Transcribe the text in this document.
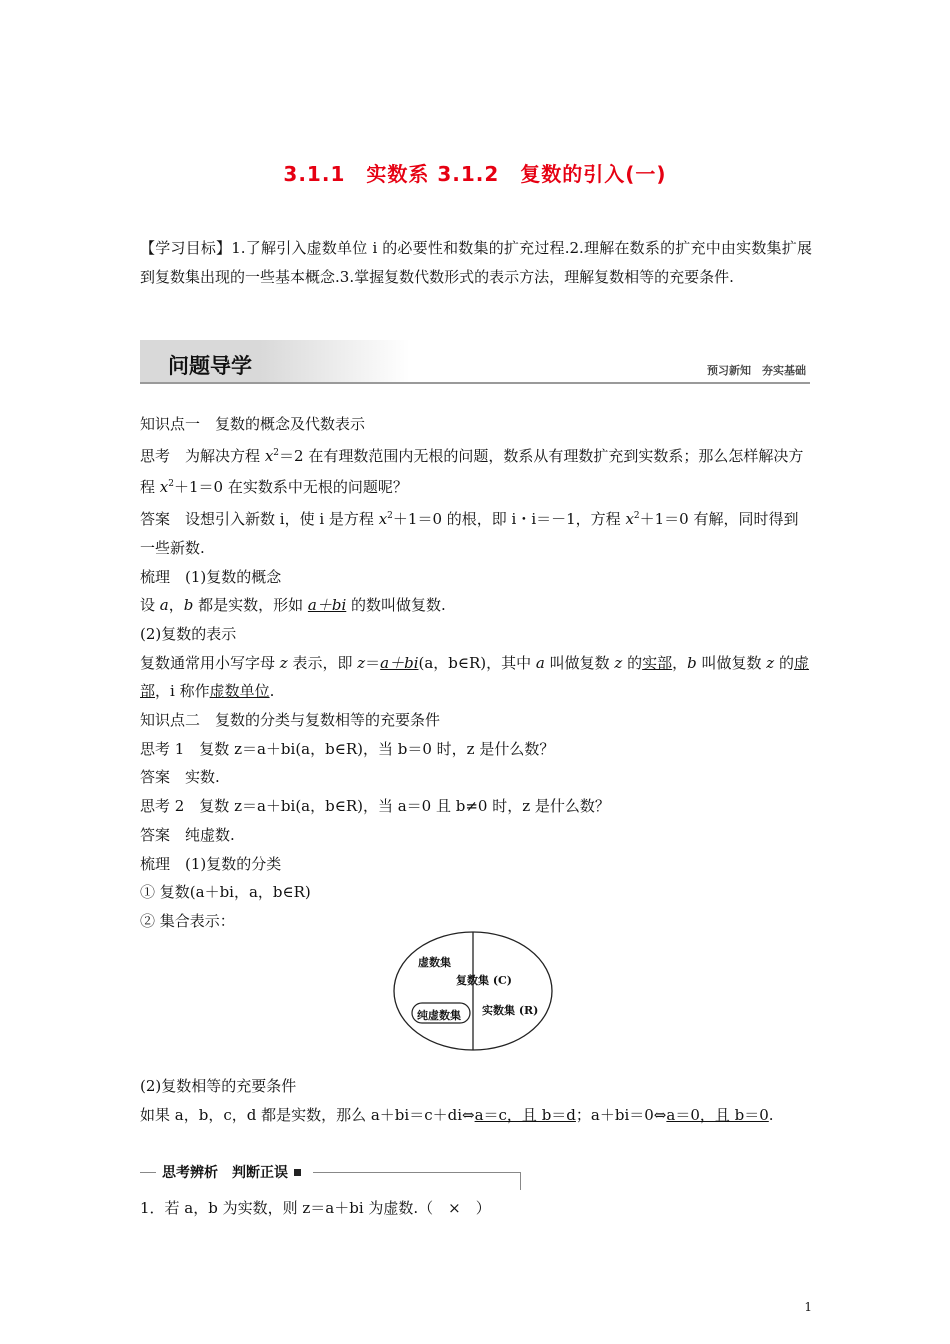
3.1.1　实数系 3.1.2　复数的引入(一)
【学习目标】1.了解引入虚数单位 i 的必要性和数集的扩充过程.2.理解在数系的扩充中由实数集扩展到复数集出现的一些基本概念.3.掌握复数代数形式的表示方法，理解复数相等的充要条件.
问题导学	预习新知　夯实基础

知识点一　复数的概念及代数表示

思考　 为解决方程 $x^2=2$ 在有理数范围内无根的问题，数系从有理数扩充到实数系；那么怎样解决方程 $x^2+1=0$ 在实数系中无根的问题呢？

答案　 设想引入新数 i，使 i 是方程 $x^2+1=0$ 的根，即 i・i＝－1，方程 $x^2+1=0$ 有解，同时得到一些新数.

梳理　(1)复数的概念

设 a，b 都是实数，形如 a＋bi 的数叫做复数.

(2)复数的表示

复数通常用小写字母 z 表示，即 z＝a＋bi(a，b∈R)，其中 a 叫做复数 z 的实部，b 叫做复数 z 的虚部，i 称作虚数单位.

知识点二　复数的分类与复数相等的充要条件

思考 1　复数 z＝a＋bi(a，b∈R)，当 b＝0 时，z 是什么数？

答案　实数.

思考 2　复数 z＝a＋bi(a，b∈R)，当 a＝0 且 b≠0 时，z 是什么数？

答案　纯虚数.

梳理　(1)复数的分类

① 复数(a＋bi，a，b∈R)

② 集合表示：

虚数集
复数集 (C)
实数集 (R)
纯虚数集

(2)复数相等的充要条件

如果 a，b，c，d 都是实数，那么 a＋bi＝c＋di⇔a＝c，且 b＝d；a＋bi＝0⇔a＝0，且 b＝0.

思考辨析　判断正误
1．若 a，b 为实数，则 z＝a＋bi 为虚数.（　×　）
1
